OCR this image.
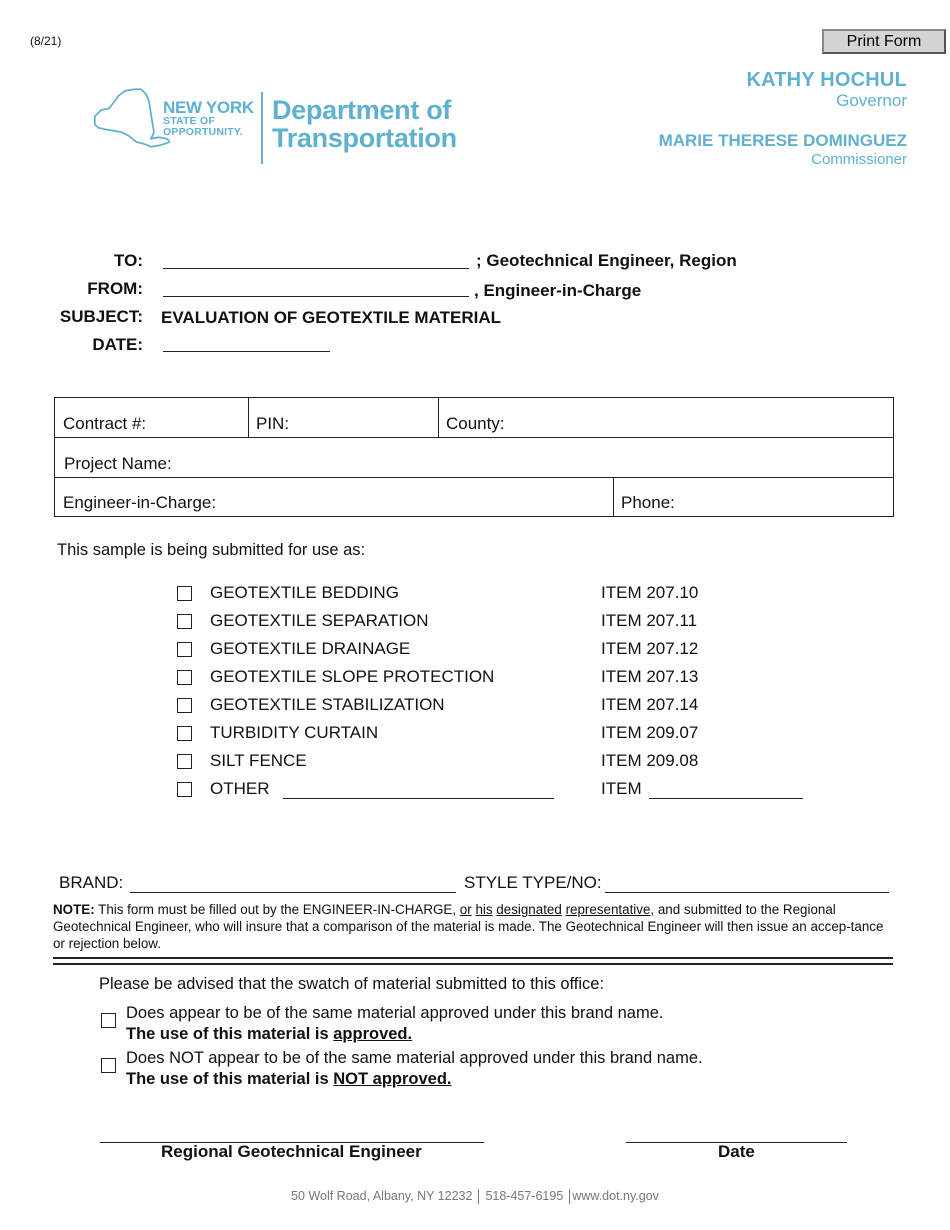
(8/21)	Print Form
NEW YORK
STATE OF
OPPORTUNITY.
Department of
Transportation
KATHY HOCHUL
Governor
MARIE THERESE DOMINGUEZ
Commissioner
TO:	; Geotechnical Engineer, Region
FROM:	, Engineer-in-Charge
SUBJECT: EVALUATION OF GEOTEXTILE MATERIAL
DATE:
Contract #:	PIN:	County:
Project Name:
Engineer-in-Charge:	Phone:
This sample is being submitted for use as:
GEOTEXTILE BEDDING	ITEM 207.10
GEOTEXTILE SEPARATION	ITEM 207.11
GEOTEXTILE DRAINAGE	ITEM 207.12
GEOTEXTILE SLOPE PROTECTION	ITEM 207.13
GEOTEXTILE STABILIZATION	ITEM 207.14
TURBIDITY CURTAIN	ITEM 209.07
SILT FENCE	ITEM 209.08
OTHER	ITEM
BRAND:	STYLE TYPE/NO:
NOTE: This form must be filled out by the ENGINEER-IN-CHARGE, or his designated representative, and submitted to the Regional Geotechnical Engineer, who will insure that a comparison of the material is made. The Geotechnical Engineer will then issue an accep-tance or rejection below.
Please be advised that the swatch of material submitted to this office:
Does appear to be of the same material approved under this brand name.
The use of this material is approved.
Does NOT appear to be of the same material approved under this brand name.
The use of this material is NOT approved.
Regional Geotechnical Engineer	Date
50 Wolf Road, Albany, NY 12232 518-457-6195 www.dot.ny.gov
